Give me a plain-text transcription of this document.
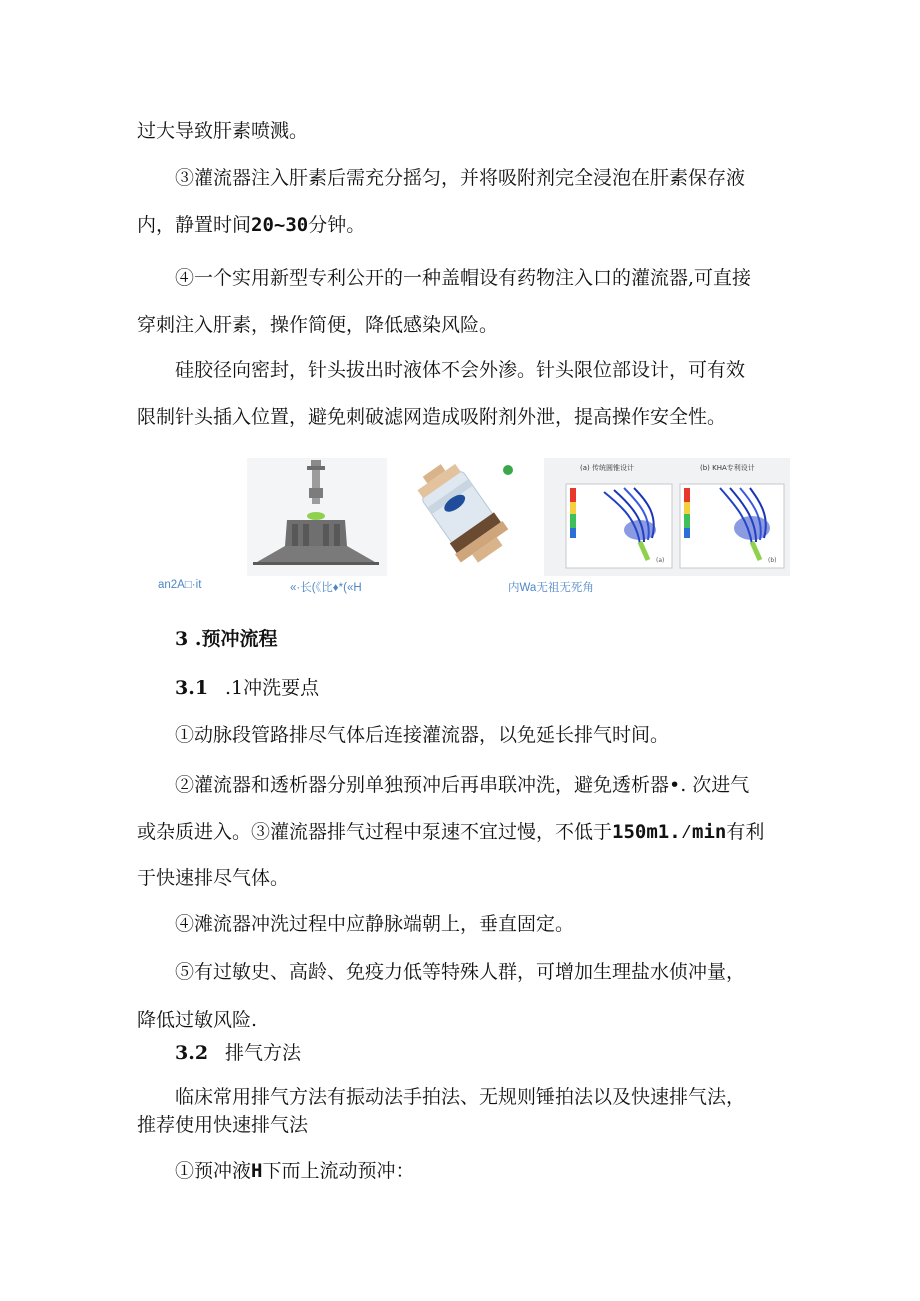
过大导致肝素喷溅。
③灌流器注入肝素后需充分摇匀，并将吸附剂完全浸泡在肝素保存液
内，静置时间20~30分钟。
④一个实用新型专利公开的一种盖帽设有药物注入口的灌流器,可直接
穿刺注入肝素，操作简便，降低感染风险。
硅胶径向密封，针头拔出时液体不会外渗。针头限位部设计，可有效
限制针头插入位置，避免刺破滤网造成吸附剂外泄，提高操作安全性。
(a) 传统圆锥设计	(b) KHA专利设计
(a)	(b)
an2A□·it	«·长(《比♦*(«H	内Wa无祖无死角
3 .预冲流程
3.1 .1冲洗要点
①动脉段管路排尽气体后连接灌流器，以免延长排气时间。
②灌流器和透析器分别单独预冲后再串联冲洗，避免透析器•. 次进气
或杂质进入。③灌流器排气过程中泵速不宜过慢，不低于150m1.⁄min有利
于快速排尽气体。
④滩流器冲洗过程中应静脉端朝上，垂直固定。
⑤有过敏史、高龄、免疫力低等特殊人群，可增加生理盐水侦冲量，
降低过敏风险.
3.2 排气方法
临床常用排气方法有振动法手拍法、无规则锤拍法以及快速排气法，
推荐使用快速排气法
①预冲液H下而上流动预冲：
